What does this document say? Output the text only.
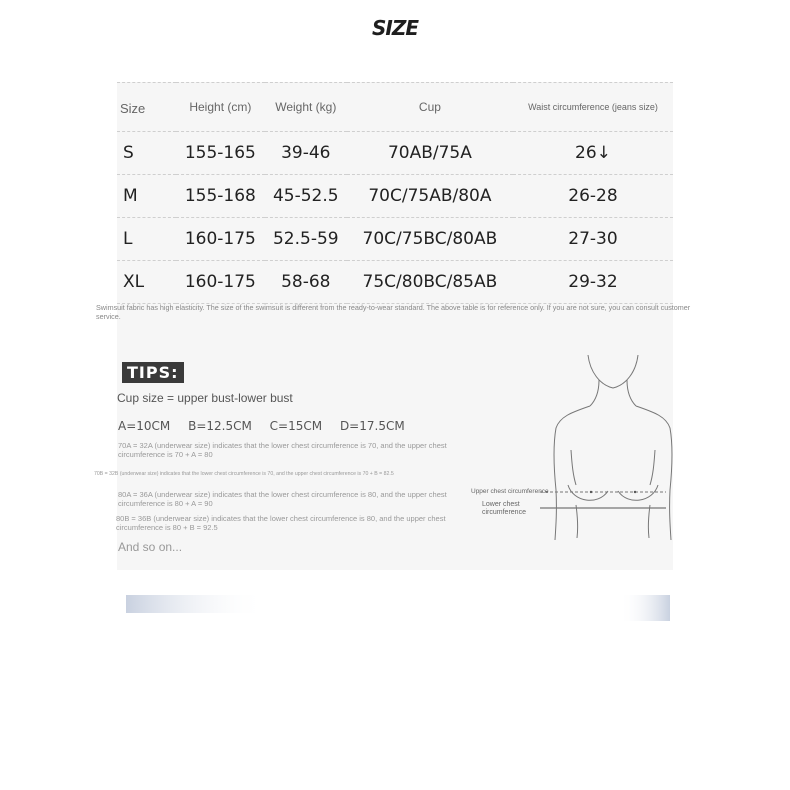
SIZE
Size	Height (cm)	Weight (kg)	Cup	Waist circumference (jeans size)
S	155-165	39-46	70AB/75A	26↓
M	155-168	45-52.5	70C/75AB/80A	26-28
L	160-175	52.5-59	70C/75BC/80AB	27-30
XL	160-175	58-68	75C/80BC/85AB	29-32
Swimsuit fabric has high elasticity. The size of the swimsuit is different from the ready-to-wear standard. The above table is for reference only. If you are not sure, you can consult customer service.
TIPS:
Cup size = upper bust-lower bust
A=10CM B=12.5CM C=15CM D=17.5CM
70A = 32A (underwear size) indicates that the lower chest circumference is 70, and the upper chest circumference is 70 + A = 80
70B = 32B (underwear size) indicates that the lower chest circumference is 70, and the upper chest circumference is 70 + B = 82.5
80A = 36A (underwear size) indicates that the lower chest circumference is 80, and the upper chest circumference is 80 + A = 90
80B = 36B (underwear size) indicates that the lower chest circumference is 80, and the upper chest circumference is 80 + B = 92.5
And so on...
Upper chest circumference
Lower chest circumference
